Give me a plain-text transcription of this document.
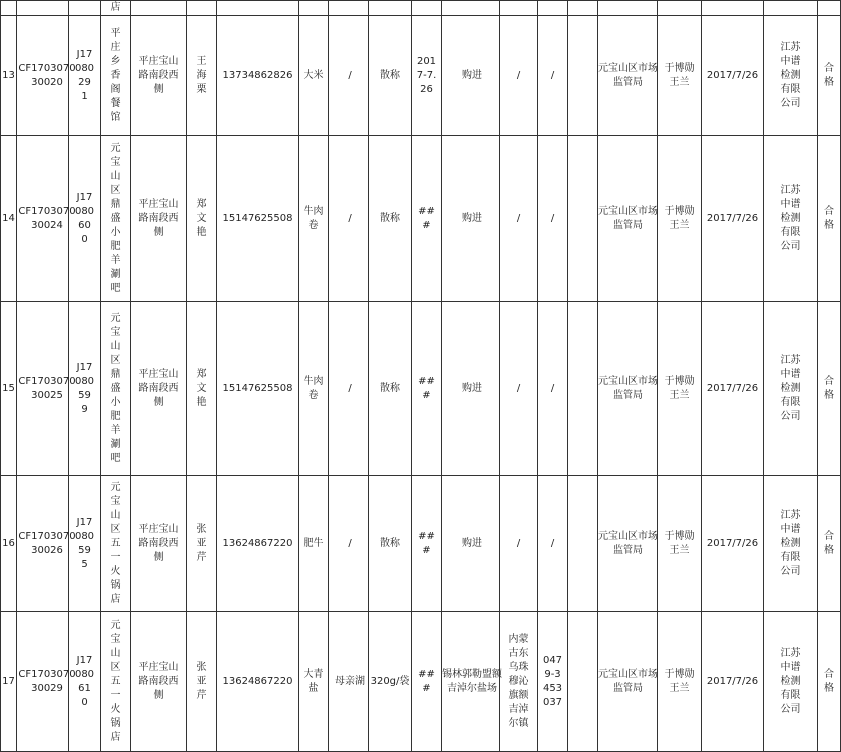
			店																

13	CF170307030020	J1708029 1	平庄乡香阁餐馆	平庄宝山路南段西侧	王海栗	13734862826	大米	/	散称	2017-7.26	购进	/	/		元宝山区市场监管局	于博勋 王兰	2017/7/26	江苏中谱检测有限公司	合格

14	CF170307030024	J1708060 0	元宝山区鼎盛小肥羊涮吧	平庄宝山路南段西侧	郑文艳	15147625508	牛肉卷	/	散称	###	购进	/	/		元宝山区市场监管局	于博勋 王兰	2017/7/26	江苏中谱检测有限公司	合格

15	CF170307030025	J1708059 9	元宝山区鼎盛小肥羊涮吧	平庄宝山路南段西侧	郑文艳	15147625508	牛肉卷	/	散称	###	购进	/	/		元宝山区市场监管局	于博勋 王兰	2017/7/26	江苏中谱检测有限公司	合格

16	CF170307030026	J1708059 5	元宝山区五一火锅店	平庄宝山路南段西侧	张亚芹	13624867220	肥牛	/	散称	###	购进	/	/		元宝山区市场监管局	于博勋 王兰	2017/7/26	江苏中谱检测有限公司	合格

17	CF170307030029	J1708061 0	元宝山区五一火锅店	平庄宝山路南段西侧	张亚芹	13624867220	大青盐	母亲湖	320g/袋	###	锡林郭勒盟额吉淖尔盐场	内蒙古东乌珠穆沁旗额吉淖尔镇	0479-3453037		元宝山区市场监管局	于博勋 王兰	2017/7/26	江苏中谱检测有限公司	合格
